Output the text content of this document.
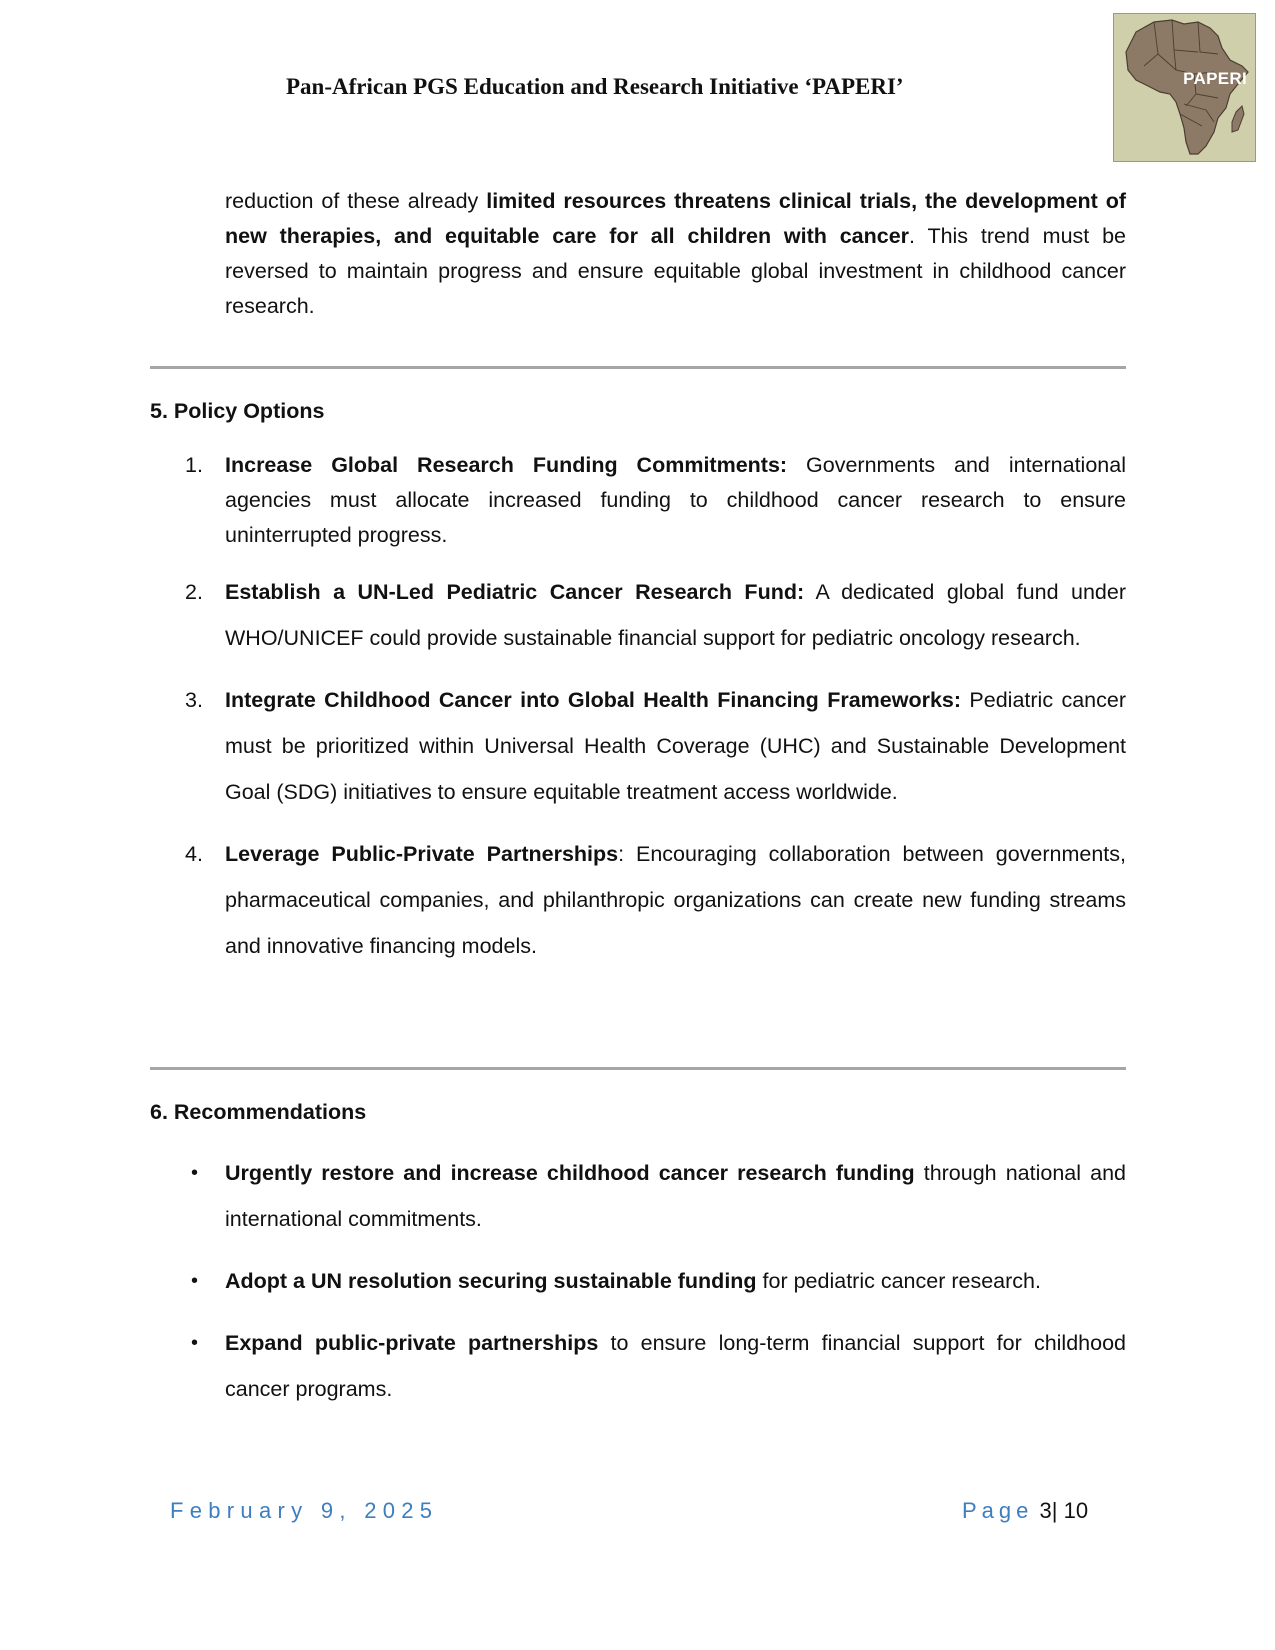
Pan-African PGS Education and Research Initiative ‘PAPERI’	PAPERI
reduction of these already limited resources threatens clinical trials, the development of new therapies, and equitable care for all children with cancer. This trend must be reversed to maintain progress and ensure equitable global investment in childhood cancer research.
5. Policy Options
1. Increase Global Research Funding Commitments: Governments and international agencies must allocate increased funding to childhood cancer research to ensure uninterrupted progress.
2. Establish a UN-Led Pediatric Cancer Research Fund: A dedicated global fund under WHO/UNICEF could provide sustainable financial support for pediatric oncology research.
3. Integrate Childhood Cancer into Global Health Financing Frameworks: Pediatric cancer must be prioritized within Universal Health Coverage (UHC) and Sustainable Development Goal (SDG) initiatives to ensure equitable treatment access worldwide.
4. Leverage Public-Private Partnerships: Encouraging collaboration between governments, pharmaceutical companies, and philanthropic organizations can create new funding streams and innovative financing models.
6. Recommendations
• Urgently restore and increase childhood cancer research funding through national and international commitments.
• Adopt a UN resolution securing sustainable funding for pediatric cancer research.
• Expand public-private partnerships to ensure long-term financial support for childhood cancer programs.
February 9, 2025	Page 3| 10
